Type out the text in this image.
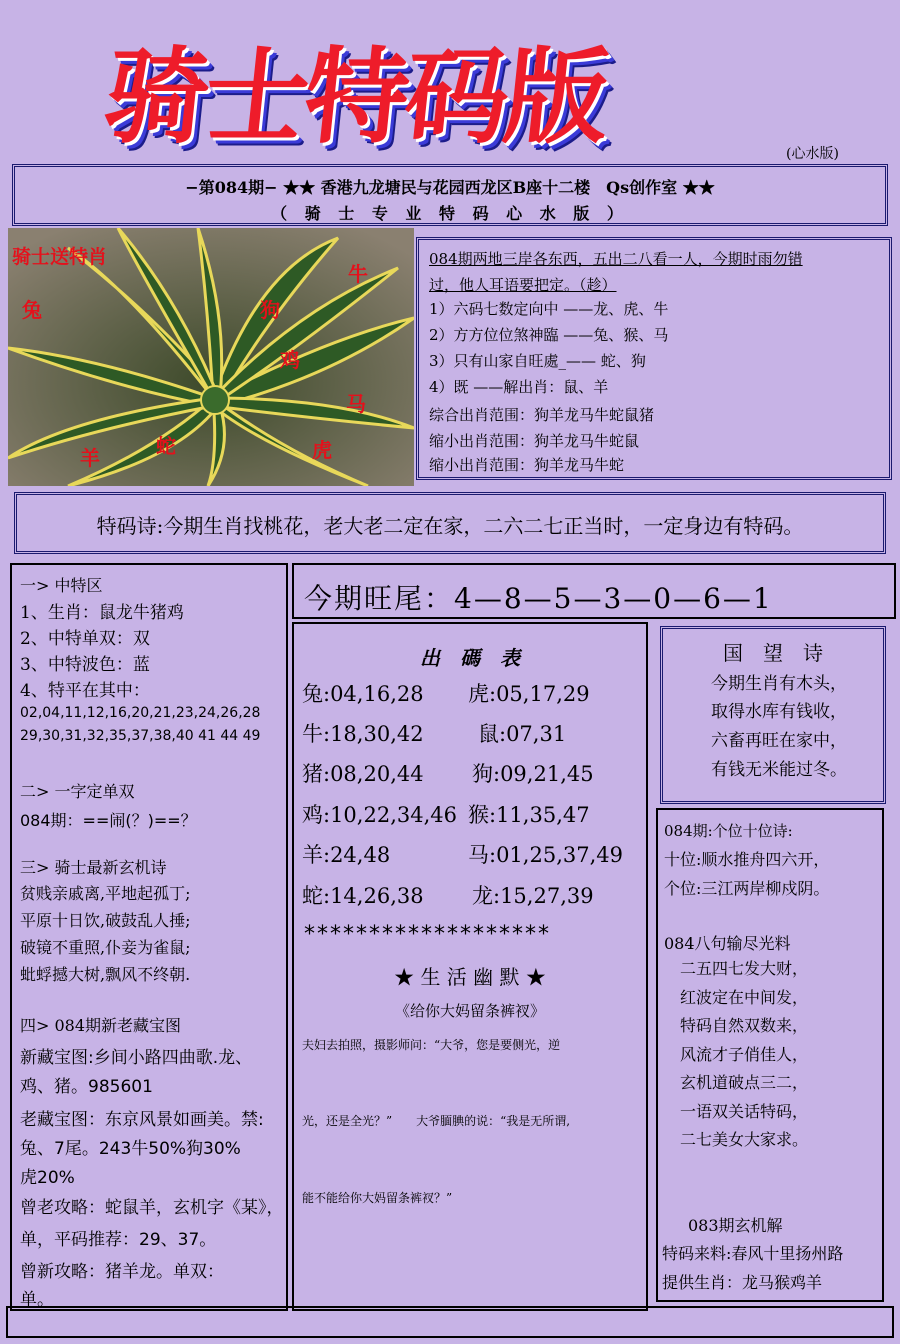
骑士特码版	(心水版)
−第084期− ★★ 香港九龙塘民与花园西龙区B座十二楼　Qs创作室 ★★
（ 骑 士 专 业 特 码 心 水 版 ）
骑士送特肖
牛
兔	狗
鸡
马
羊	蛇	虎
084期两地三岸各东西，五出二八看一人，今期时雨勿错
过，他人耳语要把定。（趁）
1）六码七数定向中 ——龙、虎、牛
2）方方位位煞神臨 ——兔、猴、马
3）只有山家自旺處_—— 蛇、狗
4）既 ——解出肖：鼠、羊
综合出肖范围：狗羊龙马牛蛇鼠猪
缩小出肖范围：狗羊龙马牛蛇鼠
缩小出肖范围：狗羊龙马牛蛇
特码诗:今期生肖找桃花，老大老二定在家，二六二七正当时，一定身边有特码。
一> 中特区
1、生肖：鼠龙牛猪鸡
2、中特单双：双
3、中特波色：蓝
4、特平在其中：
02,04,11,12,16,20,21,23,24,26,28
29,30,31,32,35,37,38,40 41 44 49
二> 一字定单双
084期：==闹(？)==？
三> 骑士最新玄机诗
贫贱亲戚离,平地起孤丁;
平原十日饮,破鼓乱人捶;
破镜不重照,仆妾为雀鼠;
蚍蜉撼大树,飘风不终朝.
四> 084期新老藏宝图
新藏宝图:乡间小路四曲歌.龙、
鸡、猪。985601
老藏宝图：东京风景如画美。禁:
兔、7尾。243牛50%狗30%
虎20%
曾老攻略：蛇鼠羊，玄机字《某》，
单，平码推荐：29、37。
曾新攻略：猪羊龙。单双：
单。
今期旺尾：4—8—5—3—0—6—1
出　碼　表
兔:04,16,28 虎:05,17,29
牛:18,30,42	鼠:07,31
猪:08,20,44 狗:09,21,45
鸡:10,22,34,46 猴:11,35,47
羊:24,48	马:01,25,37,49
蛇:14,26,38 龙:15,27,39
*******************
★ 生 活 幽 默 ★
《给你大妈留条裤衩》
夫妇去拍照，摄影师问：“大爷，您是要侧光，逆
光，还是全光？”　　大爷腼腆的说：“我是无所谓,
能不能给你大妈留条裤衩？”
国　望　诗
今期生肖有木头，
取得水库有钱收，
六畜再旺在家中，
有钱无米能过冬。
084期:个位十位诗:
十位:顺水推舟四六开，
个位:三江两岸柳戍阴。
084八句输尽光料
二五四七发大财，
红波定在中间发，
特码自然双数来，
风流才子俏佳人，
玄机道破点三二，
一语双关话特码，
二七美女大家求。
083期玄机解
特码来料:春风十里扬州路
提供生肖：龙马猴鸡羊
